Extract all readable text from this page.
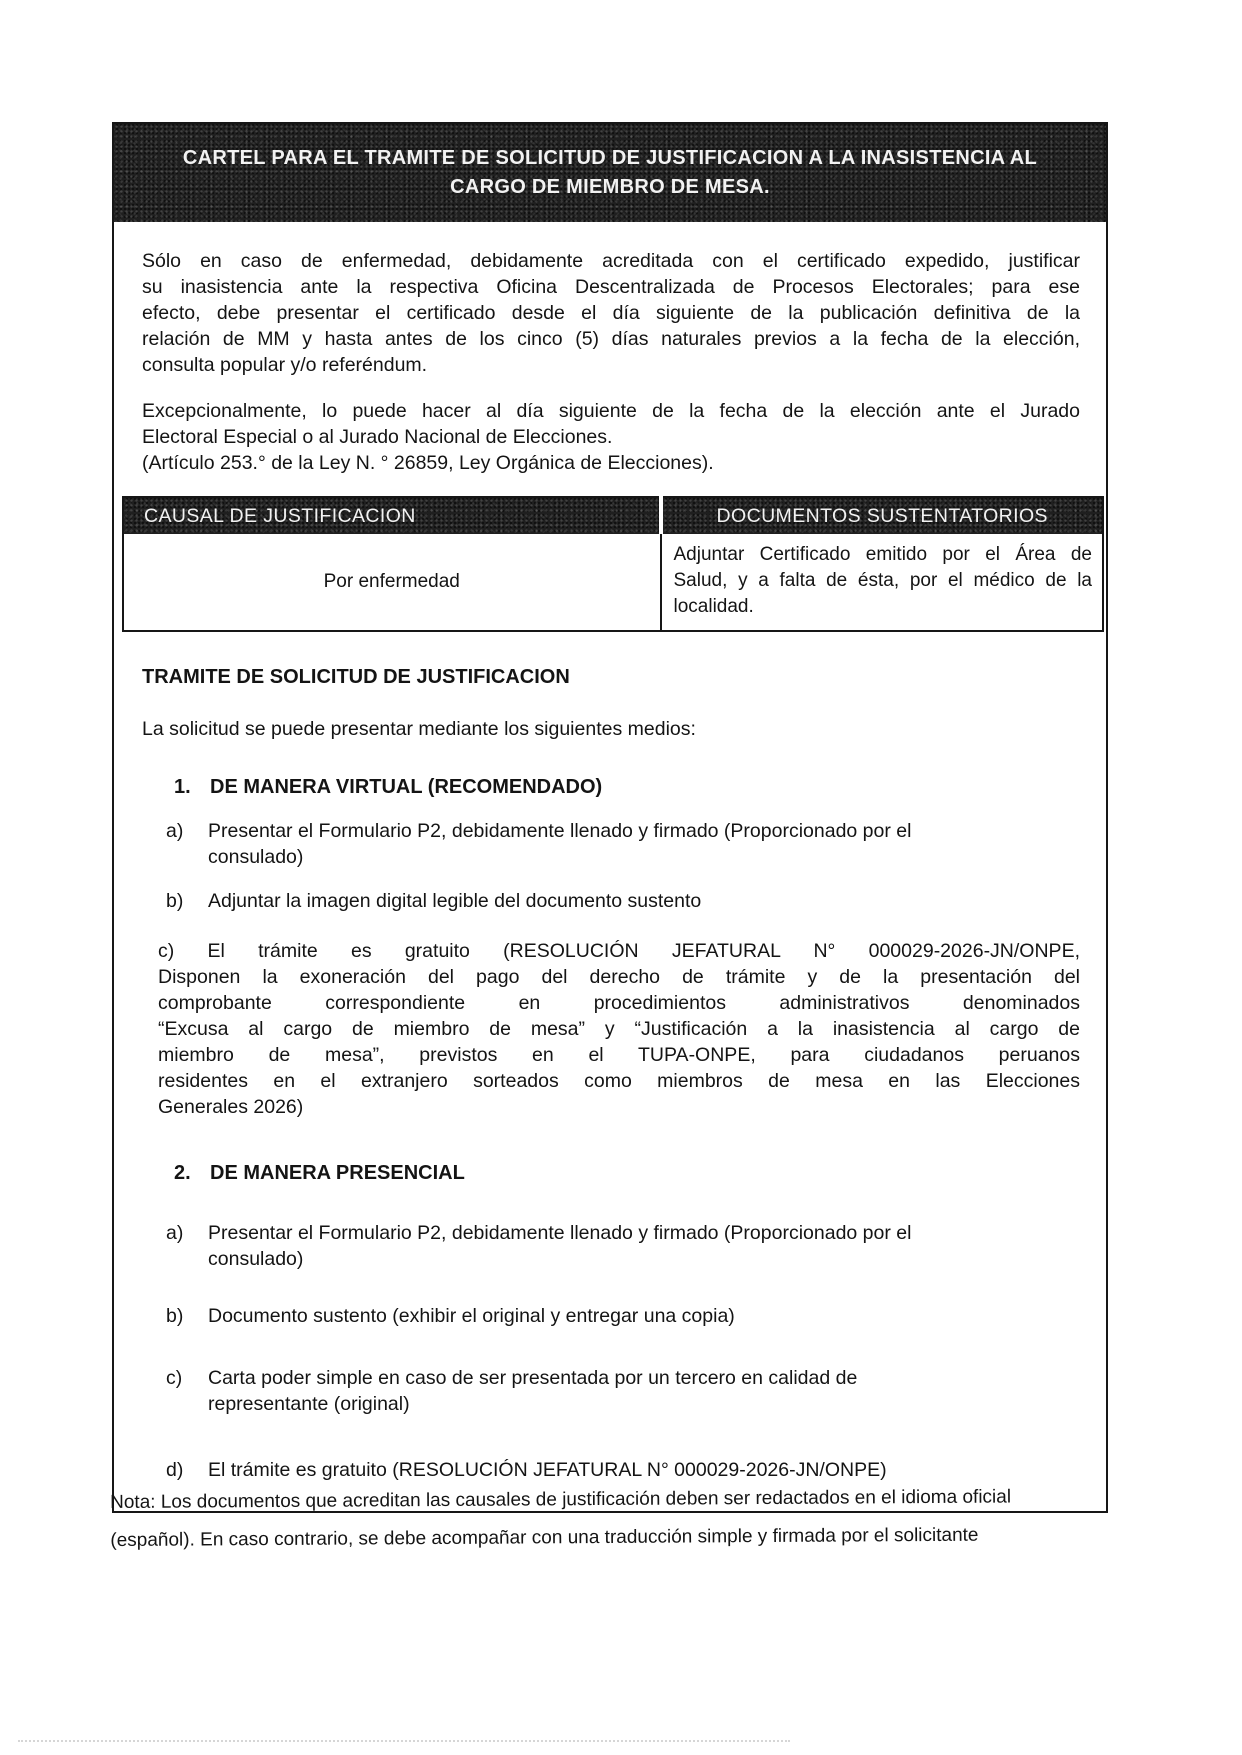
CARTEL PARA EL TRAMITE DE SOLICITUD DE JUSTIFICACION A LA INASISTENCIA AL
CARGO DE MIEMBRO DE MESA.
Sólo en caso de enfermedad, debidamente acreditada con el certificado expedido, justificar
su inasistencia ante la respectiva Oficina Descentralizada de Procesos Electorales; para ese
efecto, debe presentar el certificado desde el día siguiente de la publicación definitiva de la
relación de MM y hasta antes de los cinco (5) días naturales previos a la fecha de la elección,
consulta popular y/o referéndum.
Excepcionalmente, lo puede hacer al día siguiente de la fecha de la elección ante el Jurado
Electoral Especial o al Jurado Nacional de Elecciones.
(Artículo 253.° de la Ley N. ° 26859, Ley Orgánica de Elecciones).
CAUSAL DE JUSTIFICACION	DOCUMENTOS SUSTENTATORIOS
Por enfermedad	Adjuntar Certificado emitido por el Área de
Salud, y a falta de ésta, por el médico de la
localidad.
TRAMITE DE SOLICITUD DE JUSTIFICACION
La solicitud se puede presentar mediante los siguientes medios:
1. DE MANERA VIRTUAL (RECOMENDADO)
a)	Presentar el Formulario P2, debidamente llenado y firmado (Proporcionado por el
consulado)
b)	Adjuntar la imagen digital legible del documento sustento
c) El trámite es gratuito (RESOLUCIÓN JEFATURAL N° 000029-2026-JN/ONPE,
Disponen la exoneración del pago del derecho de trámite y de la presentación del
comprobante correspondiente en procedimientos administrativos denominados
“Excusa al cargo de miembro de mesa” y “Justificación a la inasistencia al cargo de
miembro de mesa”, previstos en el TUPA-ONPE, para ciudadanos peruanos
residentes en el extranjero sorteados como miembros de mesa en las Elecciones
Generales 2026)
2. DE MANERA PRESENCIAL
a)	Presentar el Formulario P2, debidamente llenado y firmado (Proporcionado por el
consulado)
b)	Documento sustento (exhibir el original y entregar una copia)
c)	Carta poder simple en caso de ser presentada por un tercero en calidad de
representante (original)
d)	El trámite es gratuito (RESOLUCIÓN JEFATURAL N° 000029-2026-JN/ONPE)
Nota: Los documentos que acreditan las causales de justificación deben ser redactados en el idioma oficial
(español). En caso contrario, se debe acompañar con una traducción simple y firmada por el solicitante
